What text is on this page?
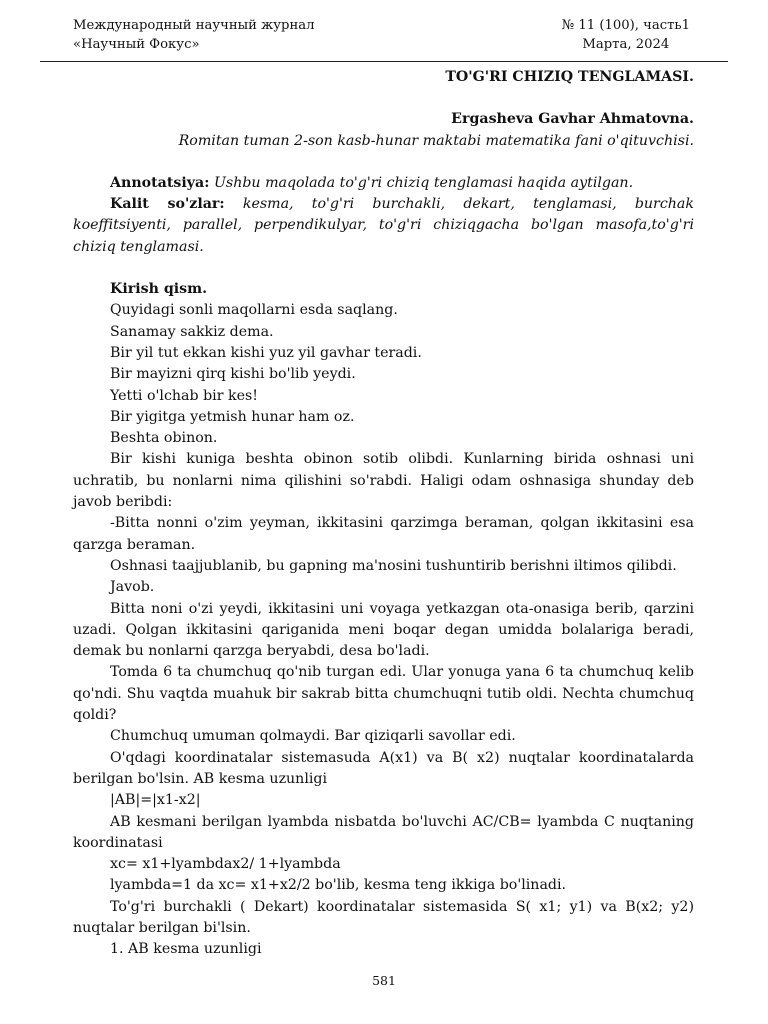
Международный научный журнал
«Научный Фокус»
№ 11 (100), часть1
Марта, 2024

TO'G'RI CHIZIQ TENGLAMASI.

Ergasheva Gavhar Ahmatovna.

Romitan tuman 2-son kasb-hunar maktabi matematika fani o'qituvchisi.

Annotatsiya: Ushbu maqolada to'g'ri chiziq tenglamasi haqida aytilgan.

Kalit so'zlar: kesma, to'g'ri burchakli, dekart, tenglamasi, burchak koeffitsiyenti, parallel, perpendikulyar, to'g'ri chiziqgacha bo'lgan masofa,to'g'ri chiziq tenglamasi.

Kirish qism.

Quyidagi sonli maqollarni esda saqlang.

Sanamay sakkiz dema.

Bir yil tut ekkan kishi yuz yil gavhar teradi.

Bir mayizni qirq kishi bo'lib yeydi.

Yetti o'lchab bir kes!

Bir yigitga yetmish hunar ham oz.

Beshta obinon.

Bir kishi kuniga beshta obinon sotib olibdi. Kunlarning birida oshnasi uni uchratib, bu nonlarni nima qilishini so'rabdi. Haligi odam oshnasiga shunday deb javob beribdi:

-Bitta nonni o'zim yeyman, ikkitasini qarzimga beraman, qolgan ikkitasini esa qarzga beraman.

Oshnasi taajjublanib, bu gapning ma'nosini tushuntirib berishni iltimos qilibdi.

Javob.

Bitta noni o'zi yeydi, ikkitasini uni voyaga yetkazgan ota-onasiga berib, qarzini uzadi. Qolgan ikkitasini qariganida meni boqar degan umidda bolalariga beradi, demak bu nonlarni qarzga beryabdi, desa bo'ladi.

Tomda 6 ta chumchuq qo'nib turgan edi. Ular yonuga yana 6 ta chumchuq kelib qo'ndi. Shu vaqtda muahuk bir sakrab bitta chumchuqni tutib oldi. Nechta chumchuq qoldi?

Chumchuq umuman qolmaydi. Bar qiziqarli savollar edi.

O'qdagi koordinatalar sistemasuda A(x1) va B( x2) nuqtalar koordinatalarda berilgan bo'lsin. AB kesma uzunligi

|AB|=|x1-x2|

AB kesmani berilgan lyambda nisbatda bo'luvchi AC/CB= lyambda C nuqtaning koordinatasi

xc= x1+lyambdax2/ 1+lyambda

lyambda=1 da xc= x1+x2/2 bo'lib, kesma teng ikkiga bo'linadi.

To'g'ri burchakli ( Dekart) koordinatalar sistemasida S( x1; y1) va B(x2; y2) nuqtalar berilgan bi'lsin.

1. AB kesma uzunligi

581
